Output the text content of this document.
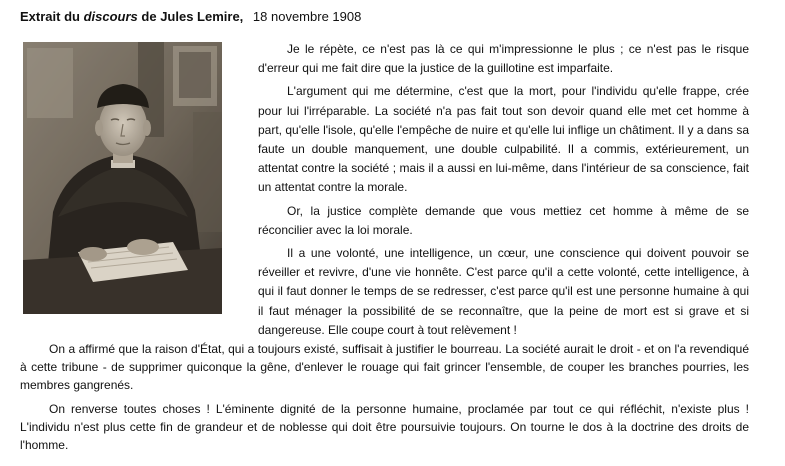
Extrait du discours de Jules Lemire, 18 novembre 1908

Je le répète, ce n'est pas là ce qui m'impressionne le plus ; ce n'est pas le risque d'erreur qui me fait dire que la justice de la guillotine est imparfaite.

L'argument qui me détermine, c'est que la mort, pour l'individu qu'elle frappe, crée pour lui l'irréparable. La société n'a pas fait tout son devoir quand elle met cet homme à part, qu'elle l'isole, qu'elle l'empêche de nuire et qu'elle lui inflige un châtiment. Il y a dans sa faute un double manquement, une double culpabilité. Il a commis, extérieurement, un attentat contre la société ; mais il a aussi en lui-même, dans l'intérieur de sa conscience, fait un attentat contre la morale.

Or, la justice complète demande que vous mettiez cet homme à même de se réconcilier avec la loi morale.

Il a une volonté, une intelligence, un cœur, une conscience qui doivent pouvoir se réveiller et revivre, d'une vie honnête. C'est parce qu'il a cette volonté, cette intelligence, à qui il faut donner le temps de se redresser, c'est parce qu'il est une personne humaine à qui il faut ménager la possibilité de se reconnaître, que la peine de mort est si grave et si dangereuse. Elle coupe court à tout relèvement !

On a affirmé que la raison d'État, qui a toujours existé, suffisait à justifier le bourreau. La société aurait le droit - et on l'a revendiqué à cette tribune - de supprimer quiconque la gêne, d'enlever le rouage qui fait grincer l'ensemble, de couper les branches pourries, les membres gangrenés.

On renverse toutes choses ! L'éminente dignité de la personne humaine, proclamée par tout ce qui réfléchit, n'existe plus ! L'individu n'est plus cette fin de grandeur et de noblesse qui doit être poursuivie toujours. On tourne le dos à la doctrine des droits de l'homme.
